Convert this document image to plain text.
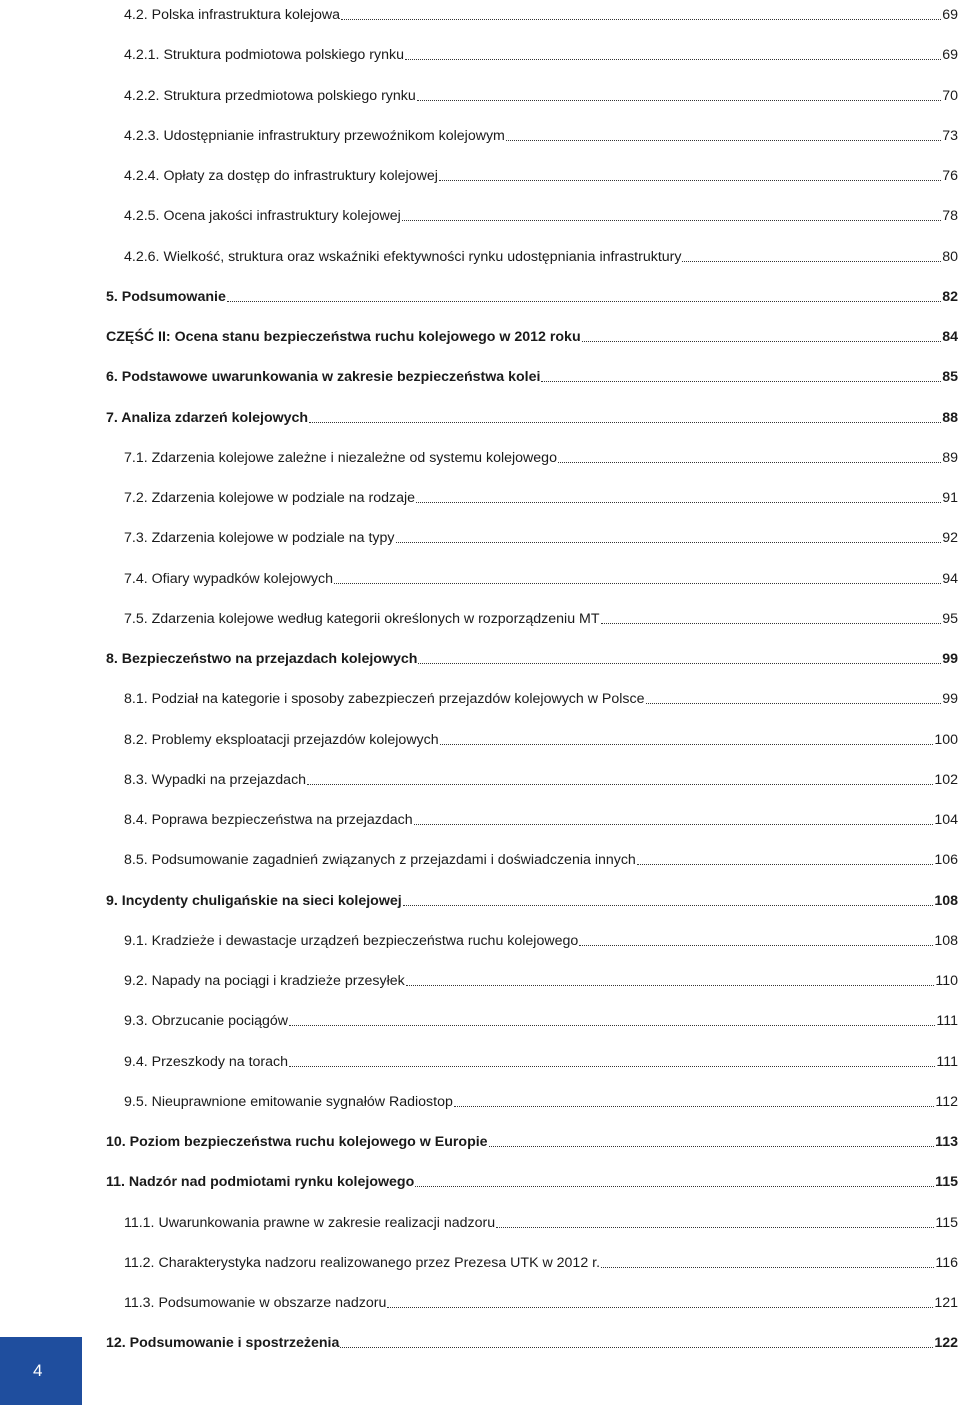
4.2. Polska infrastruktura kolejowa	69
4.2.1. Struktura podmiotowa polskiego rynku	69
4.2.2. Struktura przedmiotowa polskiego rynku	70
4.2.3. Udostępnianie infrastruktury przewoźnikom kolejowym	73
4.2.4. Opłaty za dostęp do infrastruktury kolejowej	76
4.2.5. Ocena jakości infrastruktury kolejowej	78
4.2.6. Wielkość, struktura oraz wskaźniki efektywności rynku udostępniania infrastruktury	80
5. Podsumowanie	82
CZĘŚĆ II: Ocena stanu bezpieczeństwa ruchu kolejowego w 2012 roku	84
6. Podstawowe uwarunkowania w zakresie bezpieczeństwa kolei	85
7. Analiza zdarzeń kolejowych	88
7.1. Zdarzenia kolejowe zależne i niezależne od systemu kolejowego	89
7.2. Zdarzenia kolejowe w podziale na rodzaje	91
7.3. Zdarzenia kolejowe w podziale na typy	92
7.4. Ofiary wypadków kolejowych	94
7.5. Zdarzenia kolejowe według kategorii określonych w rozporządzeniu MT	95
8. Bezpieczeństwo na przejazdach kolejowych	99
8.1. Podział na kategorie i sposoby zabezpieczeń przejazdów kolejowych w Polsce	99
8.2. Problemy eksploatacji przejazdów kolejowych	100
8.3. Wypadki na przejazdach	102
8.4. Poprawa bezpieczeństwa na przejazdach	104
8.5. Podsumowanie zagadnień związanych z przejazdami i doświadczenia innych	106
9. Incydenty chuligańskie na sieci kolejowej	108
9.1. Kradzieże i dewastacje urządzeń bezpieczeństwa ruchu kolejowego	108
9.2. Napady na pociągi i kradzieże przesyłek	110
9.3. Obrzucanie pociągów	111
9.4. Przeszkody na torach	111
9.5. Nieuprawnione emitowanie sygnałów Radiostop	112
10. Poziom bezpieczeństwa ruchu kolejowego w Europie	113
11. Nadzór nad podmiotami rynku kolejowego	115
11.1. Uwarunkowania prawne w zakresie realizacji nadzoru	115
11.2. Charakterystyka nadzoru realizowanego przez Prezesa UTK w 2012 r.	116
11.3. Podsumowanie w obszarze nadzoru	121
12. Podsumowanie i spostrzeżenia	122
4
